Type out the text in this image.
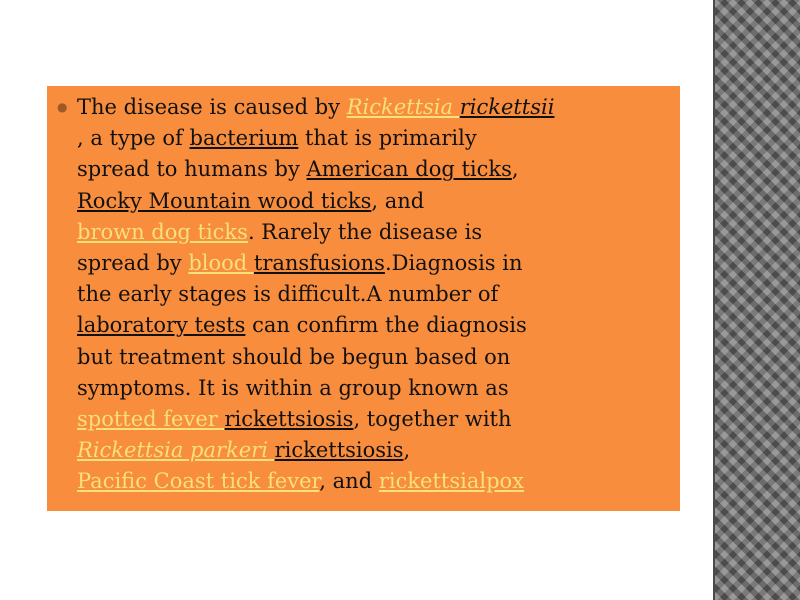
● The disease is caused by Rickettsia rickettsii
, a type of bacterium that is primarily
spread to humans by American dog ticks,
Rocky Mountain wood ticks, and
brown dog ticks. Rarely the disease is
spread by blood transfusions.Diagnosis in
the early stages is difficult.A number of
laboratory tests can confirm the diagnosis
but treatment should be begun based on
symptoms. It is within a group known as
spotted fever rickettsiosis, together with
Rickettsia parkeri rickettsiosis,
Pacific Coast tick fever, and rickettsialpox
